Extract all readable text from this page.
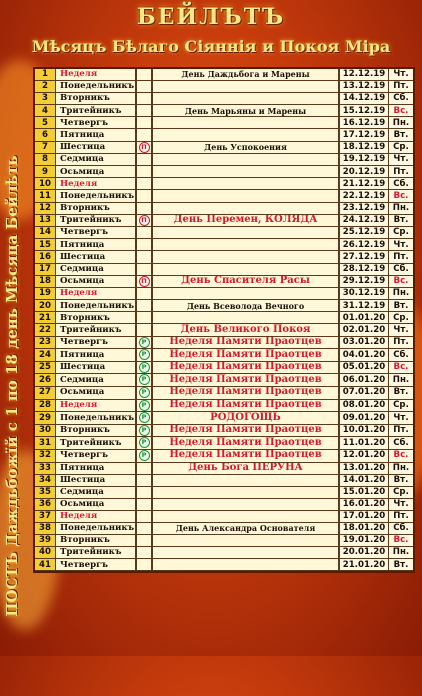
БЕЙЛЪТЪ
Мѣсяцъ Бѣлаго Сіяннія и Покоя Міра
ПОСТЪ Даждьбожїй с 1 по 18 день Мѣсяца Бейлѣть
1	Неделя		День Даждьбога и Марены	12.12.19	Чт.
2	Понедельникъ			13.12.19	Пт.
3	Вторникъ			14.12.19	Сб.
4	Тритейникъ		День Марьяны и Марены	15.12.19	Вс.
5	Четвергъ			16.12.19	Пн.
6	Пятница			17.12.19	Вт.
7	Шестица	П	День Успокоения	18.12.19	Ср.
8	Седмица			19.12.19	Чт.
9	Осьмица			20.12.19	Пт.
10	Неделя			21.12.19	Сб.
11	Понедельникъ			22.12.19	Вс.
12	Вторникъ			23.12.19	Пн.
13	Тритейникъ	П	День Перемен, КОЛЯДА	24.12.19	Вт.
14	Четвергъ			25.12.19	Ср.
15	Пятница			26.12.19	Чт.
16	Шестица			27.12.19	Пт.
17	Седмица			28.12.19	Сб.
18	Осьмица	П	День Спасителя Расы	29.12.19	Вс.
19	Неделя			30.12.19	Пн.
20	Понедельникъ		День Всеволода Вечного	31.12.19	Вт.
21	Вторникъ			01.01.20	Ср.
22	Тритейникъ		День Великого Покоя	02.01.20	Чт.
23	Четвергъ	Р	Неделя Памяти Праотцев	03.01.20	Пт.
24	Пятница	Р	Неделя Памяти Праотцев	04.01.20	Сб.
25	Шестица	Р	Неделя Памяти Праотцев	05.01.20	Вс.
26	Седмица	Р	Неделя Памяти Праотцев	06.01.20	Пн.
27	Осьмица	Р	Неделя Памяти Праотцев	07.01.20	Вт.
28	Неделя	Р	Неделя Памяти Праотцев	08.01.20	Ср.
29	Понедельникъ	Р	РОДОГОЩЬ	09.01.20	Чт.
30	Вторникъ	Р	Неделя Памяти Праотцев	10.01.20	Пт.
31	Тритейникъ	Р	Неделя Памяти Праотцев	11.01.20	Сб.
32	Четвергъ	Р	Неделя Памяти Праотцев	12.01.20	Вс.
33	Пятница		День Бога ПЕРУНА	13.01.20	Пн.
34	Шестица			14.01.20	Вт.
35	Седмица			15.01.20	Ср.
36	Осьмица			16.01.20	Чт.
37	Неделя			17.01.20	Пт.
38	Понедельникъ		День Александра Основателя	18.01.20	Сб.
39	Вторникъ			19.01.20	Вс.
40	Тритейникъ			20.01.20	Пн.
41	Четвергъ			21.01.20	Вт.
